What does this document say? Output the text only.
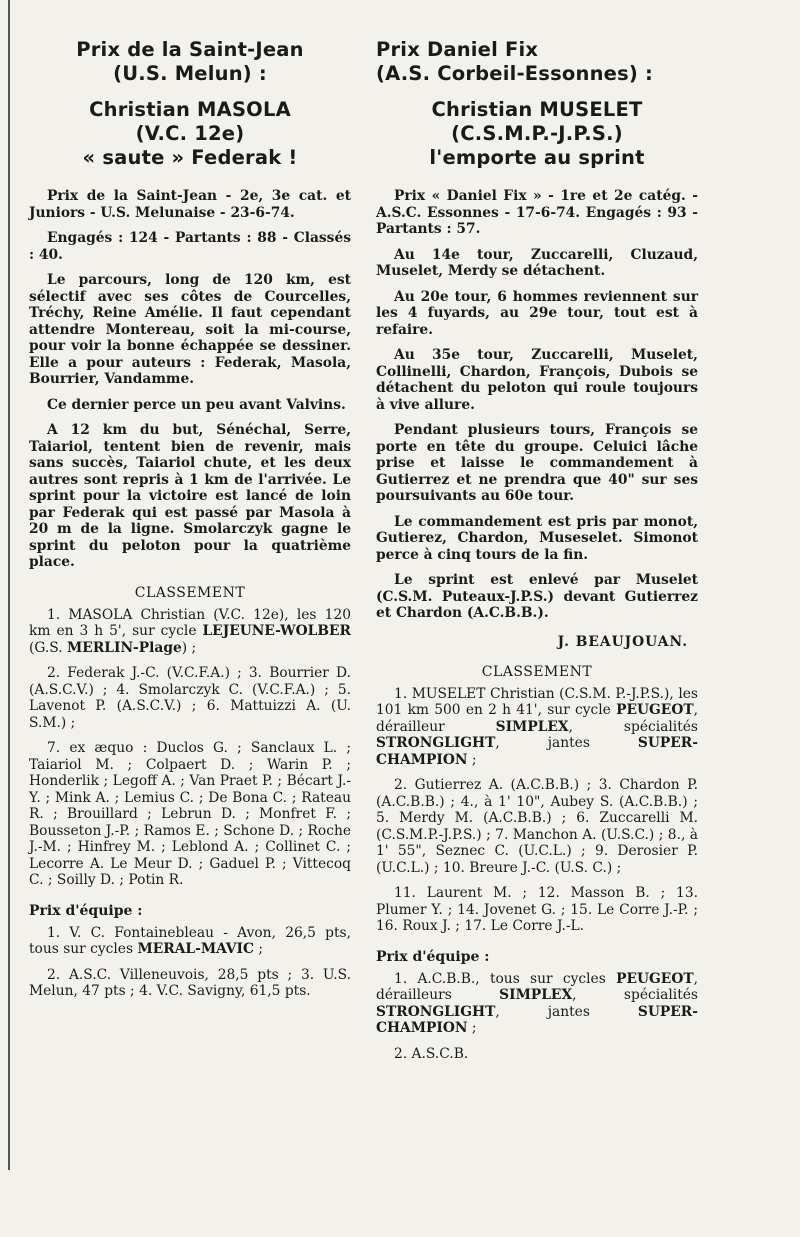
Prix de la Saint-Jean
(U.S. Melun) :
Christian MASOLA
(V.C. 12e)
« saute » Federak !

Prix de la Saint-Jean - 2e, 3e cat. et Juniors - U.S. Melunaise - 23-6-74.

Engagés : 124 - Partants : 88 - Classés : 40.

Le parcours, long de 120 km, est sélectif avec ses côtes de Courcelles, Tréchy, Reine Amélie. Il faut cependant attendre Montereau, soit la mi-course, pour voir la bonne échappée se dessiner. Elle a pour auteurs : Federak, Masola, Bourrier, Vandamme.

Ce dernier perce un peu avant Valvins.

A 12 km du but, Sénéchal, Serre, Taiariol, tentent bien de revenir, mais sans succès, Taiariol chute, et les deux autres sont repris à 1 km de l'arrivée. Le sprint pour la victoire est lancé de loin par Federak qui est passé par Masola à 20 m de la ligne. Smolarczyk gagne le sprint du peloton pour la quatrième place.

CLASSEMENT

1. MASOLA Christian (V.C. 12e), les 120 km en 3 h 5', sur cycle LEJEUNE-WOLBER (G.S. MERLIN-Plage) ;

2. Federak J.-C. (V.C.F.A.) ; 3. Bourrier D. (A.S.C.V.) ; 4. Smolarczyk C. (V.C.F.A.) ; 5. Lavenot P. (A.S.C.V.) ; 6. Mattuizzi A. (U. S.M.) ;

7. ex æquo : Duclos G. ; Sanclaux L. ; Taiariol M. ; Colpaert D. ; Warin P. ; Honderlik ; Legoff A. ; Van Praet P. ; Bécart J.-Y. ; Mink A. ; Lemius C. ; De Bona C. ; Rateau R. ; Brouillard ; Lebrun D. ; Monfret F. ; Bousseton J.-P. ; Ramos E. ; Schone D. ; Roche J.-M. ; Hinfrey M. ; Leblond A. ; Collinet C. ; Lecorre A. Le Meur D. ; Gaduel P. ; Vittecoq C. ; Soilly D. ; Potin R.

Prix d'équipe :

1. V. C. Fontainebleau - Avon, 26,5 pts, tous sur cycles MERAL-MAVIC ;

2. A.S.C. Villeneuvois, 28,5 pts ; 3. U.S. Melun, 47 pts ; 4. V.C. Savigny, 61,5 pts.

Prix Daniel Fix
(A.S. Corbeil-Essonnes) :
Christian MUSELET
(C.S.M.P.-J.P.S.)
l'emporte au sprint

Prix « Daniel Fix » - 1re et 2e catég. - A.S.C. Essonnes - 17-6-74. Engagés : 93 - Partants : 57.

Au 14e tour, Zuccarelli, Cluzaud, Muselet, Merdy se détachent.

Au 20e tour, 6 hommes reviennent sur les 4 fuyards, au 29e tour, tout est à refaire.

Au 35e tour, Zuccarelli, Muselet, Collinelli, Chardon, François, Dubois se détachent du peloton qui roule toujours à vive allure.

Pendant plusieurs tours, François se porte en tête du groupe. Celuici lâche prise et laisse le commandement à Gutierrez et ne prendra que 40" sur ses poursuivants au 60e tour.

Le commandement est pris par monot, Gutierez, Chardon, Museselet. Simonot perce à cinq tours de la fin.

Le sprint est enlevé par Muselet (C.S.M. Puteaux-J.P.S.) devant Gutierrez et Chardon (A.C.B.B.).

J. BEAUJOUAN.
CLASSEMENT

1. MUSELET Christian (C.S.M. P.-J.P.S.), les 101 km 500 en 2 h 41', sur cycle PEUGEOT, dérailleur SIMPLEX, spécialités STRONGLIGHT, jantes SUPER-CHAMPION ;

2. Gutierrez A. (A.C.B.B.) ; 3. Chardon P. (A.C.B.B.) ; 4., à 1' 10", Aubey S. (A.C.B.B.) ; 5. Merdy M. (A.C.B.B.) ; 6. Zuccarelli M. (C.S.M.P.-J.P.S.) ; 7. Manchon A. (U.S.C.) ; 8., à 1' 55", Seznec C. (U.C.L.) ; 9. Derosier P. (U.C.L.) ; 10. Breure J.-C. (U.S. C.) ;

11. Laurent M. ; 12. Masson B. ; 13. Plumer Y. ; 14. Jovenet G. ; 15. Le Corre J.-P. ; 16. Roux J. ; 17. Le Corre J.-L.

Prix d'équipe :

1. A.C.B.B., tous sur cycles PEUGEOT, dérailleurs SIMPLEX, spécialités STRONGLIGHT, jantes SUPER-CHAMPION ;

2. A.S.C.B.
